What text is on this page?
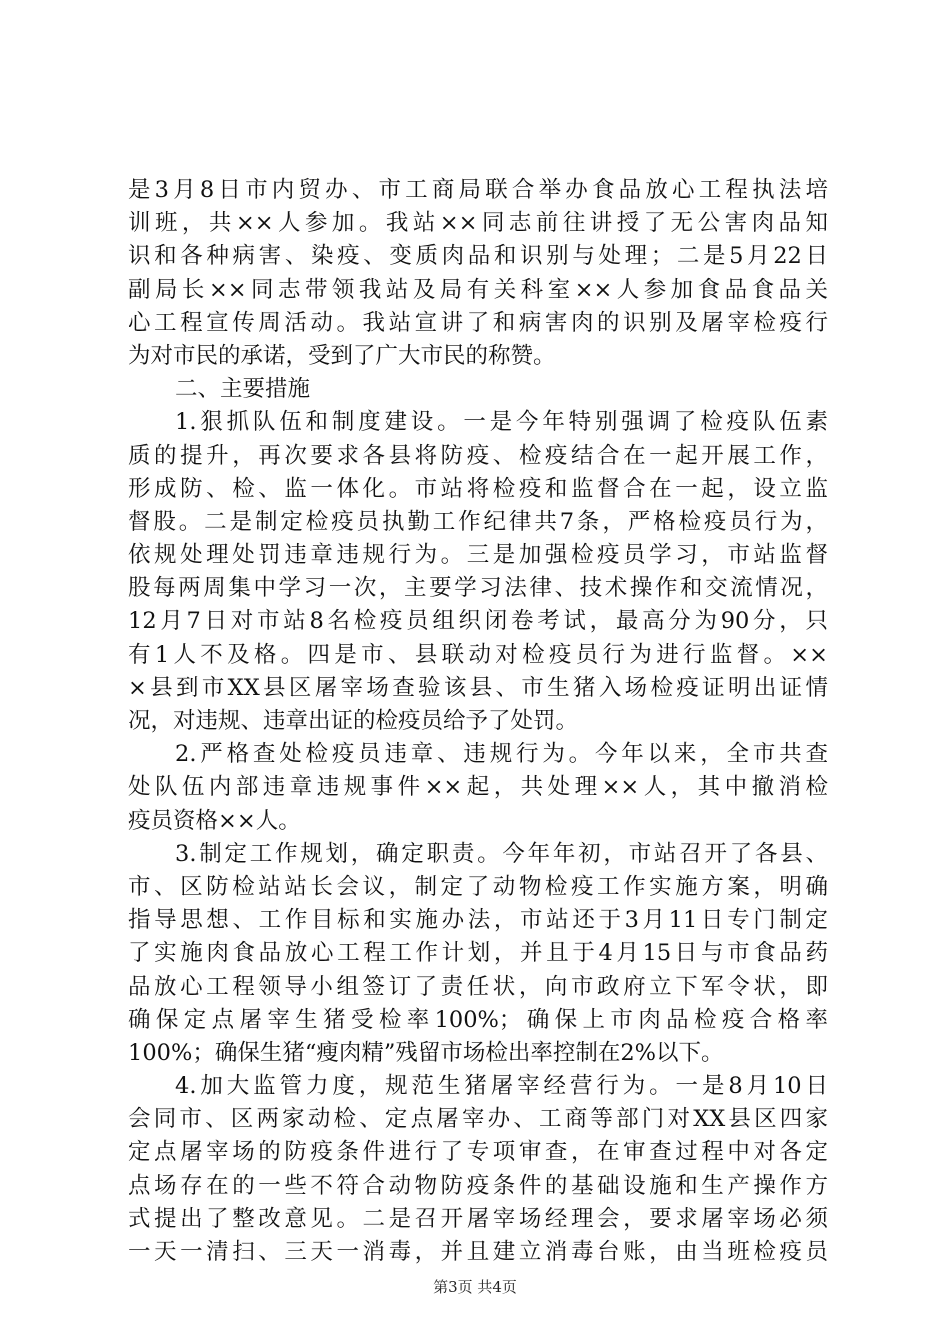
是3月8日市内贸办、市工商局联合举办食品放心工程执法培
训班，共××人参加。我站××同志前往讲授了无公害肉品知
识和各种病害、染疫、变质肉品和识别与处理；二是5月22日
副局长××同志带领我站及局有关科室××人参加食品食品关
心工程宣传周活动。我站宣讲了和病害肉的识别及屠宰检疫行
为对市民的承诺，受到了广大市民的称赞。
二、主要措施
1.狠抓队伍和制度建设。一是今年特别强调了检疫队伍素
质的提升，再次要求各县将防疫、检疫结合在一起开展工作，
形成防、检、监一体化。市站将检疫和监督合在一起，设立监
督股。二是制定检疫员执勤工作纪律共7条，严格检疫员行为，
依规处理处罚违章违规行为。三是加强检疫员学习，市站监督
股每两周集中学习一次，主要学习法律、技术操作和交流情况，
12月7日对市站8名检疫员组织闭卷考试，最高分为90分，只
有1人不及格。四是市、县联动对检疫员行为进行监督。××
×县到市XX县区屠宰场查验该县、市生猪入场检疫证明出证情
况，对违规、违章出证的检疫员给予了处罚。
2.严格查处检疫员违章、违规行为。今年以来，全市共查
处队伍内部违章违规事件××起，共处理××人，其中撤消检
疫员资格××人。
3.制定工作规划，确定职责。今年年初，市站召开了各县、
市、区防检站站长会议，制定了动物检疫工作实施方案，明确
指导思想、工作目标和实施办法，市站还于3月11日专门制定
了实施肉食品放心工程工作计划，并且于4月15日与市食品药
品放心工程领导小组签订了责任状，向市政府立下军令状，即
确保定点屠宰生猪受检率100%；确保上市肉品检疫合格率
100%；确保生猪“瘦肉精”残留市场检出率控制在2%以下。
4.加大监管力度，规范生猪屠宰经营行为。一是8月10日
会同市、区两家动检、定点屠宰办、工商等部门对XX县区四家
定点屠宰场的防疫条件进行了专项审查，在审查过程中对各定
点场存在的一些不符合动物防疫条件的基础设施和生产操作方
式提出了整改意见。二是召开屠宰场经理会，要求屠宰场必须
一天一清扫、三天一消毒，并且建立消毒台账，由当班检疫员
第3页 共4页
